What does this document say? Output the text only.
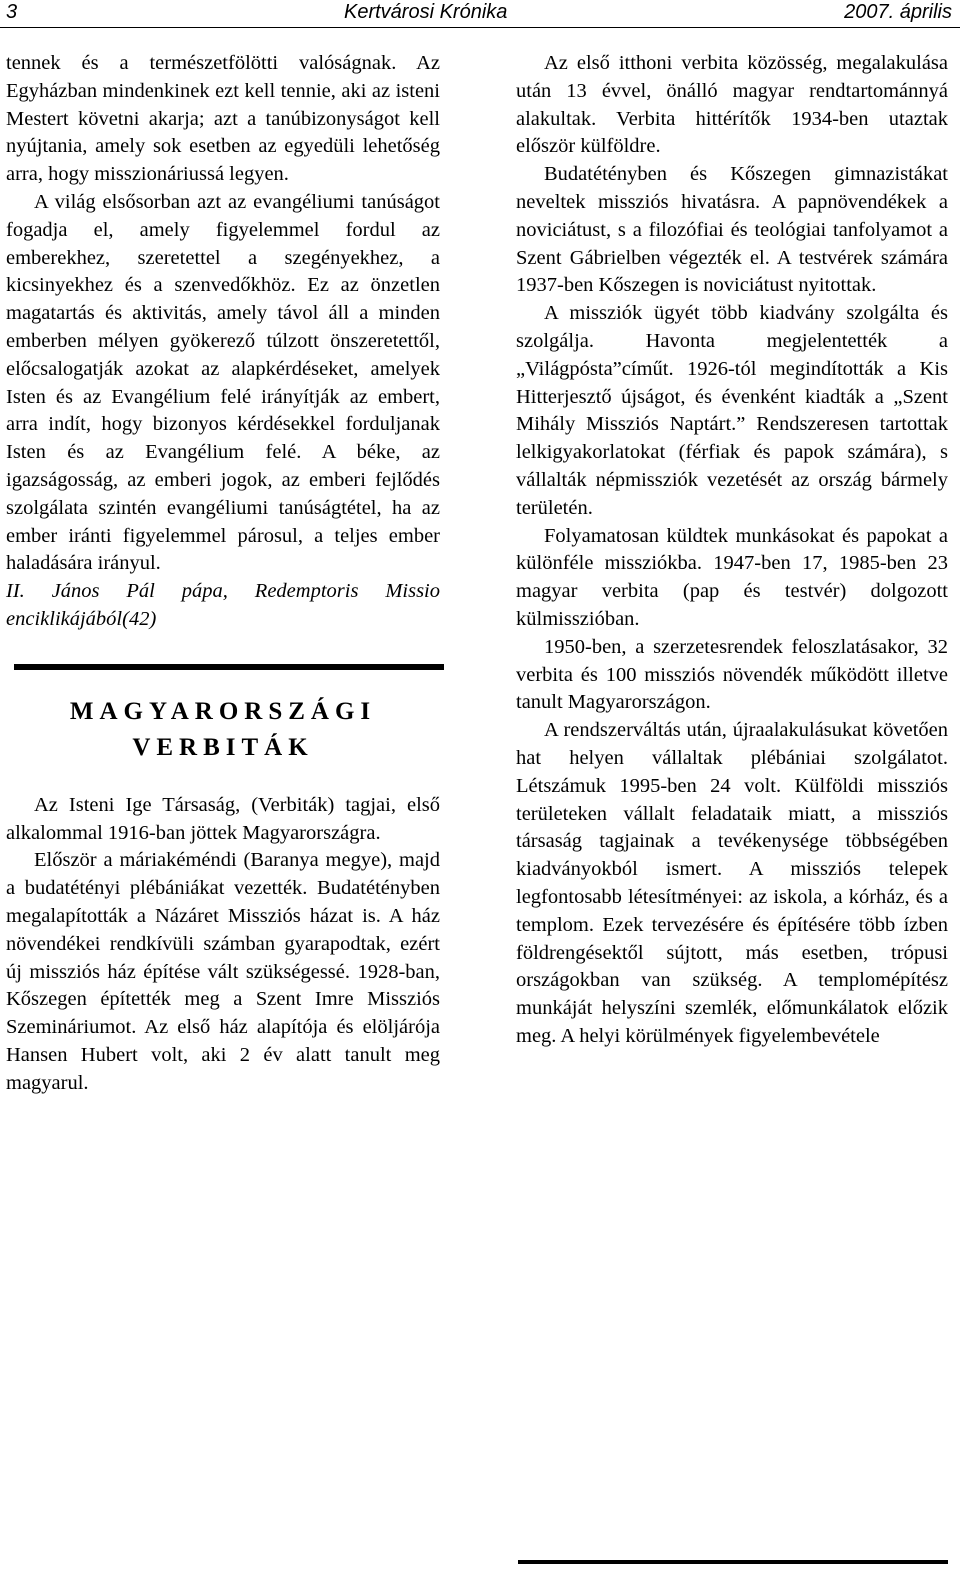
3	Kertvárosi Krónika	2007. április

tennek és a természetfölötti valóságnak. Az Egyházban mindenkinek ezt kell tennie, aki az isteni Mestert követni akarja; azt a tanúbizonyságot kell nyújtania, amely sok esetben az egyedüli lehetőség arra, hogy misszionáriussá legyen.

A világ elsősorban azt az evangéliumi tanúságot fogadja el, amely figyelemmel fordul az emberekhez, szeretettel a szegényekhez, a kicsinyekhez és a szenvedőkhöz. Ez az önzetlen magatartás és aktivitás, amely távol áll a minden emberben mélyen gyökerező túlzott önszeretettől, előcsalogatják azokat az alapkérdéseket, amelyek Isten és az Evangélium felé irányítják az embert, arra indít, hogy bizonyos kérdésekkel forduljanak Isten és az Evangélium felé. A béke, az igazságosság, az emberi jogok, az emberi fejlődés szolgálata szintén evangéliumi tanúságtétel, ha az ember iránti figyelemmel párosul, a teljes ember haladására irányul.

II. János Pál pápa, Redemptoris Missio enciklikájából(42)

MAGYARORSZÁGI
VERBITÁK

Az Isteni Ige Társaság, (Verbiták) tagjai, első alkalommal 1916-ban jöttek Magyarországra.

Először a máriakéméndi (Baranya megye), majd a budatétényi plébániákat vezették. Budatétényben megalapították a Názáret Missziós házat is. A ház növendékei rendkívüli számban gyarapodtak, ezért új missziós ház építése vált szükségessé. 1928-ban, Kőszegen építették meg a Szent Imre Missziós Szemináriumot. Az első ház alapítója és elöljárója Hansen Hubert volt, aki 2 év alatt tanult meg magyarul.

Az első itthoni verbita közösség, megalakulása után 13 évvel, önálló magyar rendtartománnyá alakultak. Verbita hittérítők 1934-ben utaztak először külföldre.

Budatétényben és Kőszegen gimnazistákat neveltek missziós hivatásra. A papnövendékek a noviciátust, s a filozófiai és teológiai tanfolyamot a Szent Gábrielben végezték el. A testvérek számára 1937-ben Kőszegen is noviciátust nyitottak.

A missziók ügyét több kiadvány szolgálta és szolgálja. Havonta megjelentették a „Világpósta”címűt. 1926-tól megindították a Kis Hitterjesztő újságot, és évenként kiadták a „Szent Mihály Missziós Naptárt.” Rendszeresen tartottak lelkigyakorlatokat (férfiak és papok számára), s vállalták népmissziók vezetését az ország bármely területén.

Folyamatosan küldtek munkásokat és papokat a különféle missziókba. 1947-ben 17, 1985-ben 23 magyar verbita (pap és testvér) dolgozott külmisszióban.

1950-ben, a szerzetesrendek feloszlatásakor, 32 verbita és 100 missziós növendék működött illetve tanult Magyarországon.

A rendszerváltás után, újraalakulásukat követően hat helyen vállaltak plébániai szolgálatot. Létszámuk 1995-ben 24 volt. Külföldi missziós területeken vállalt feladataik miatt, a missziós társaság tagjainak a tevékenysége többségében kiadványokból ismert. A missziós telepek legfontosabb létesítményei: az iskola, a kórház, és a templom. Ezek tervezésére és építésére több ízben földrengésektől sújtott, más esetben, trópusi országokban van szükség. A templomépítész munkáját helyszíni szemlék, előmunkálatok előzik meg. A helyi körülmények figyelembevétele
